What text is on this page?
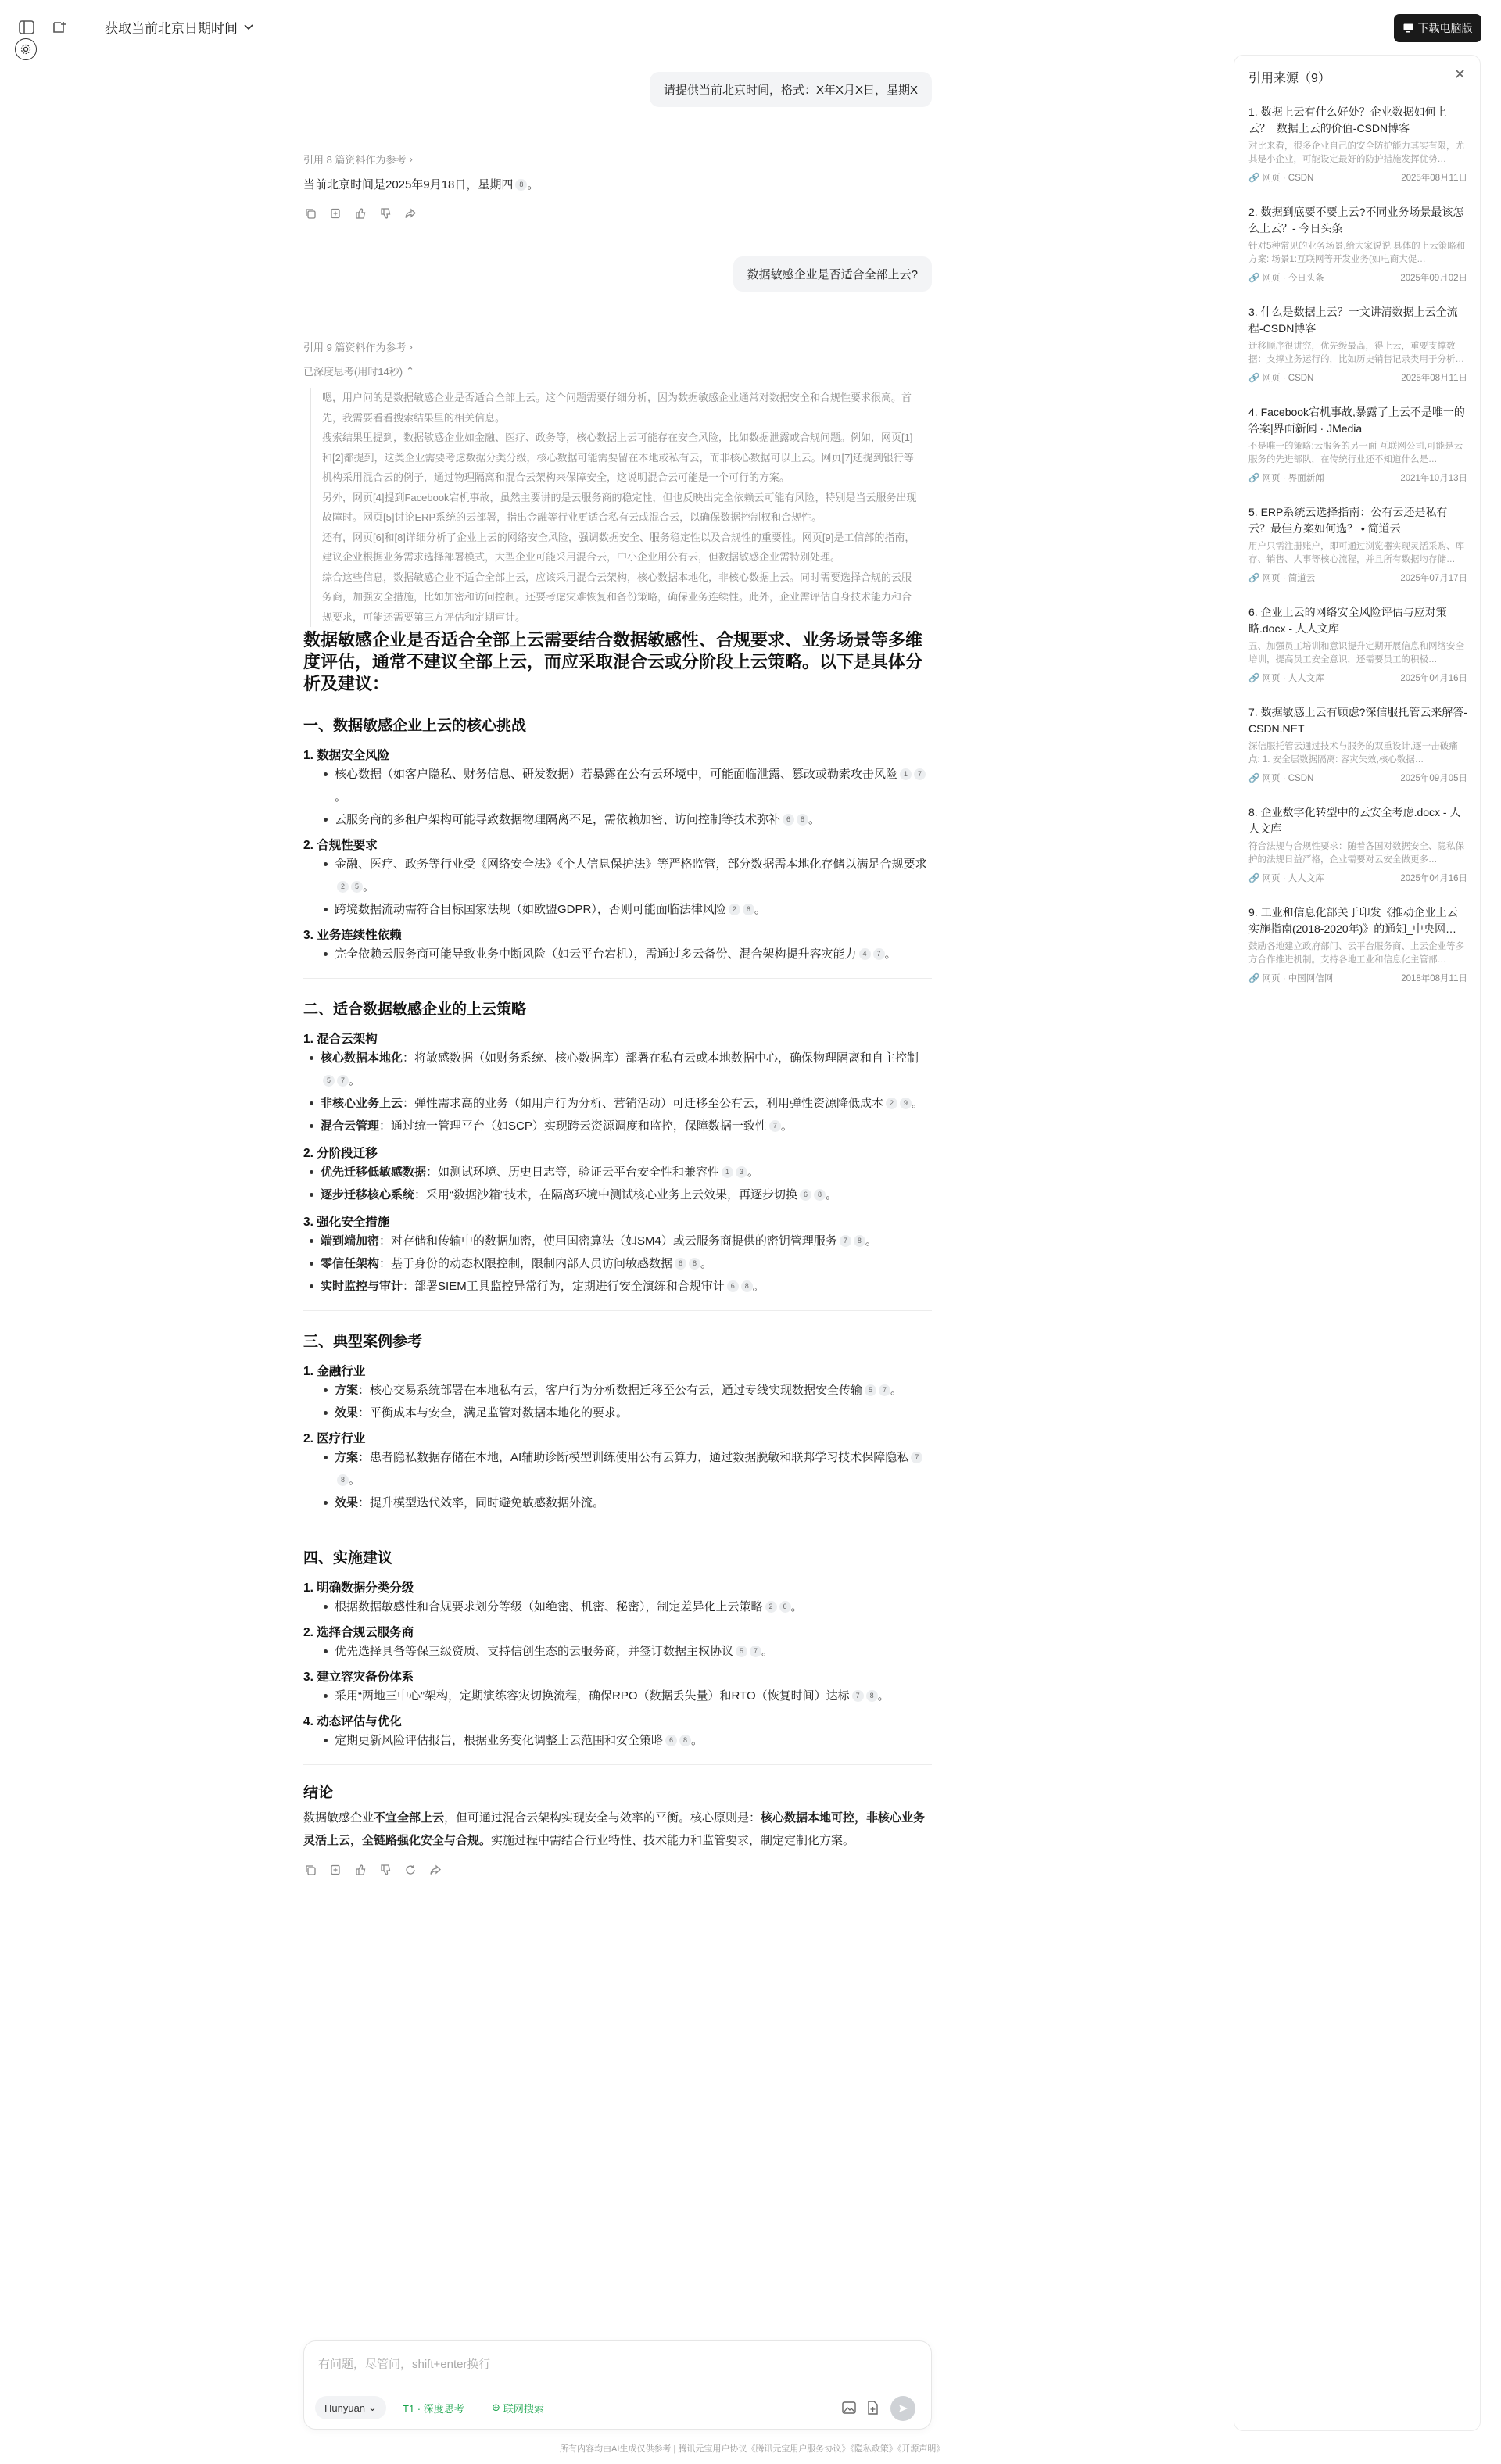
获取当前北京日期时间	下载电脑版
请提供当前北京时间，格式：X年X月X日，星期X
引用 8 篇资料作为参考 ›
当前北京时间是2025年9月18日，星期四 8 。
数据敏感企业是否适合全部上云?
引用 9 篇资料作为参考 ›
已深度思考(用时14秒) ⌃
嗯，用户问的是数据敏感企业是否适合全部上云。这个问题需要仔细分析，因为数据敏感企业通常对数据安全和合规性要求很高。首先，我需要看看搜索结果里的相关信息。
搜索结果里提到，数据敏感企业如金融、医疗、政务等，核心数据上云可能存在安全风险，比如数据泄露或合规问题。例如，网页[1]和[2]都提到，这类企业需要考虑数据分类分级，核心数据可能需要留在本地或私有云，而非核心数据可以上云。网页[7]还提到银行等机构采用混合云的例子，通过物理隔离和混合云架构来保障安全，这说明混合云可能是一个可行的方案。
另外，网页[4]提到Facebook宕机事故，虽然主要讲的是云服务商的稳定性，但也反映出完全依赖云可能有风险，特别是当云服务出现故障时。网页[5]讨论ERP系统的云部署，指出金融等行业更适合私有云或混合云，以确保数据控制权和合规性。
还有，网页[6]和[8]详细分析了企业上云的网络安全风险，强调数据安全、服务稳定性以及合规性的重要性。网页[9]是工信部的指南，建议企业根据业务需求选择部署模式，大型企业可能采用混合云，中小企业用公有云，但数据敏感企业需特别处理。
综合这些信息，数据敏感企业不适合全部上云，应该采用混合云架构，核心数据本地化，非核心数据上云。同时需要选择合规的云服务商，加强安全措施，比如加密和访问控制。还要考虑灾难恢复和备份策略，确保业务连续性。此外，企业需评估自身技术能力和合规要求，可能还需要第三方评估和定期审计。
数据敏感企业是否适合全部上云需要结合数据敏感性、合规要求、业务场景等多维度评估，通常不建议全部上云，而应采取混合云或分阶段上云策略。以下是具体分析及建议：
一、数据敏感企业上云的核心挑战
1. 数据安全风险
核心数据（如客户隐私、财务信息、研发数据）若暴露在公有云环境中，可能面临泄露、篡改或勒索攻击风险 1 7。
云服务商的多租户架构可能导致数据物理隔离不足，需依赖加密、访问控制等技术弥补 6 8 。
2. 合规性要求
金融、医疗、政务等行业受《网络安全法》《个人信息保护法》等严格监管，部分数据需本地化存储以满足合规要求2 5 。
跨境数据流动需符合目标国家法规（如欧盟GDPR），否则可能面临法律风险 2 6 。
3. 业务连续性依赖
完全依赖云服务商可能导致业务中断风险（如云平台宕机），需通过多云备份、混合架构提升容灾能力 4 7 。
二、适合数据敏感企业的上云策略
1. 混合云架构
核心数据本地化：将敏感数据（如财务系统、核心数据库）部署在私有云或本地数据中心，确保物理隔离和自主控制5 7 。
非核心业务上云：弹性需求高的业务（如用户行为分析、营销活动）可迁移至公有云，利用弹性资源降低成本 2 9 。
混合云管理：通过统一管理平台（如SCP）实现跨云资源调度和监控，保障数据一致性 7 。
2. 分阶段迁移
优先迁移低敏感数据：如测试环境、历史日志等，验证云平台安全性和兼容性 1 3 。
逐步迁移核心系统：采用“数据沙箱”技术，在隔离环境中测试核心业务上云效果，再逐步切换 6 8 。
3. 强化安全措施
端到端加密：对存储和传输中的数据加密，使用国密算法（如SM4）或云服务商提供的密钥管理服务 7 8 。
零信任架构：基于身份的动态权限控制，限制内部人员访问敏感数据 6 8 。
实时监控与审计：部署SIEM工具监控异常行为，定期进行安全演练和合规审计 6 8 。
三、典型案例参考
1. 金融行业
方案：核心交易系统部署在本地私有云，客户行为分析数据迁移至公有云，通过专线实现数据安全传输 5 7 。
效果：平衡成本与安全，满足监管对数据本地化的要求。
2. 医疗行业
方案：患者隐私数据存储在本地，AI辅助诊断模型训练使用公有云算力，通过数据脱敏和联邦学习技术保障隐私 78 。
效果：提升模型迭代效率，同时避免敏感数据外流。
四、实施建议
1. 明确数据分类分级
根据数据敏感性和合规要求划分等级（如绝密、机密、秘密），制定差异化上云策略 2 6 。
2. 选择合规云服务商
优先选择具备等保三级资质、支持信创生态的云服务商，并签订数据主权协议 5 7 。
3. 建立容灾备份体系
采用“两地三中心”架构，定期演练容灾切换流程，确保RPO（数据丢失量）和RTO（恢复时间）达标 7 8 。
4. 动态评估与优化
定期更新风险评估报告，根据业务变化调整上云范围和安全策略 6 8 。
结论
数据敏感企业不宜全部上云，但可通过混合云架构实现安全与效率的平衡。核心原则是：核心数据本地可控，非核心业务灵活上云，全链路强化安全与合规。实施过程中需结合行业特性、技术能力和监管要求，制定定制化方案。
引用来源（9）	✕
1. 数据上云有什么好处？企业数据如何上云？_数据上云的价值-CSDN博客
对比来看，很多企业自己的安全防护能力其实有限，尤其是小企业，可能设定最好的防护措施发挥优势…
🔗 网页 · CSDN	2025年08月11日
2. 数据到底要不要上云?不同业务场景最该怎么上云？- 今日头条
针对5种常见的业务场景,给大家说说 具体的上云策略和方案: 场景1:互联网等开发业务(如电商大促…
🔗 网页 · 今日头条	2025年09月02日
3. 什么是数据上云？一文讲清数据上云全流程-CSDN博客
迁移顺序很讲究，优先级最高，得上云，重要支撑数据：支撑业务运行的，比如历史销售记录类用于分析…
🔗 网页 · CSDN	2025年08月11日
4. Facebook宕机事故,暴露了上云不是唯一的答案|界面新闻 · JMedia
不是唯一的策略:云服务的另一面 互联网公司,可能是云服务的先进部队，在传统行业还不知道什么是…
🔗 网页 · 界面新闻	2021年10月13日
5. ERP系统云选择指南：公有云还是私有云？最佳方案如何选？ • 简道云
用户只需注册账户，即可通过浏览器实现灵活采购、库存、销售、人事等核心流程，并且所有数据均存储…
🔗 网页 · 简道云	2025年07月17日
6. 企业上云的网络安全风险评估与应对策略.docx - 人人文库
五、加强员工培训和意识提升定期开展信息和网络安全培训，提高员工安全意识，还需要员工的积极…
🔗 网页 · 人人文库	2025年04月16日
7. 数据敏感上云有顾虑?深信服托管云来解答-CSDN.NET
深信服托管云通过技术与服务的双重设计,逐一击破痛点: 1. 安全层数据隔离: 容灾失效,核心数据…
🔗 网页 · CSDN	2025年09月05日
8. 企业数字化转型中的云安全考虑.docx - 人人文库
符合法规与合规性要求：随着各国对数据安全、隐私保护的法规日益严格，企业需要对云安全做更多…
🔗 网页 · 人人文库	2025年04月16日
9. 工业和信息化部关于印发《推动企业上云实施指南(2018-2020年)》的通知_中央网…
鼓励各地建立政府部门、云平台服务商、上云企业等多方合作推进机制。支持各地工业和信息化主管部…
🔗 网页 · 中国网信网	2018年08月11日
有问题，尽管问，shift+enter换行
Hunyuan ⌄	T1 · 深度思考	⊕ 联网搜索
所有内容均由AI生成仅供参考 | 腾讯元宝用户协议《腾讯元宝用户服务协议》《隐私政策》《开源声明》
